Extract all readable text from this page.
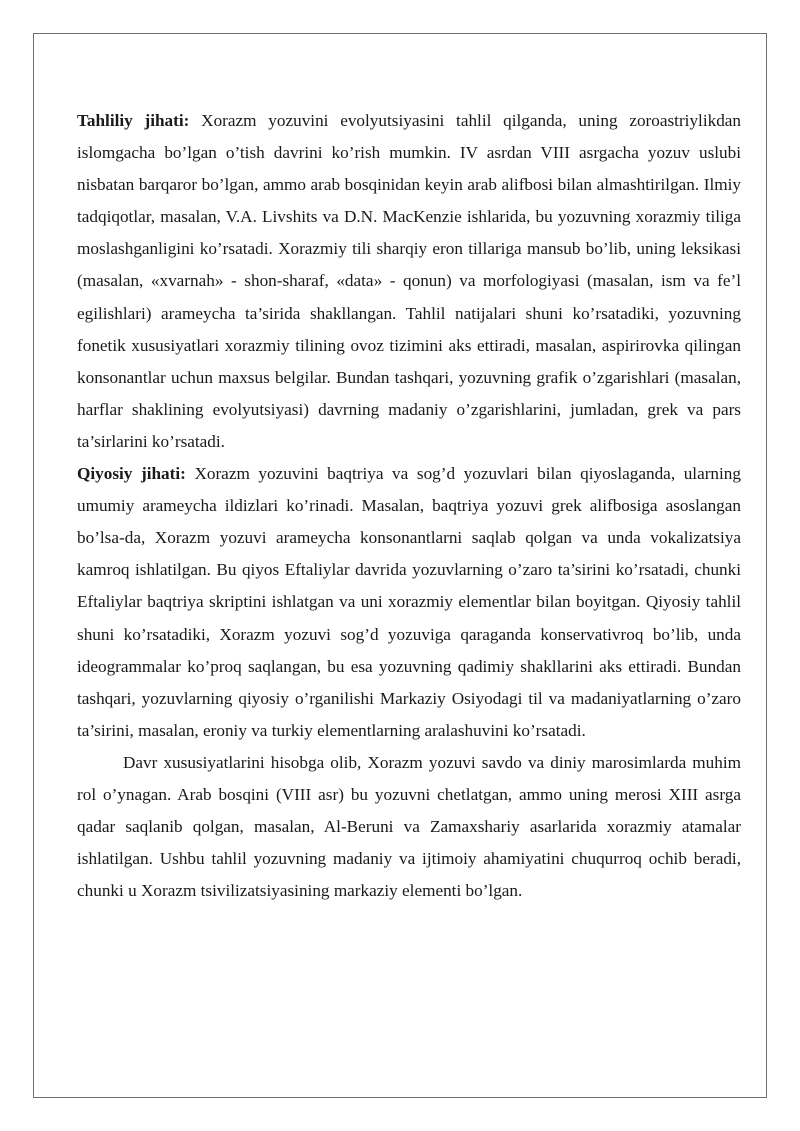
Tahliliy jihati: Xorazm yozuvini evolyutsiyasini tahlil qilganda, uning zoroastriylikdan islomgacha bo’lgan o’tish davrini ko’rish mumkin. IV asrdan VIII asrgacha yozuv uslubi nisbatan barqaror bo’lgan, ammo arab bosqinidan keyin arab alifbosi bilan almashtirilgan. Ilmiy tadqiqotlar, masalan, V.A. Livshits va D.N. MacKenzie ishlarida, bu yozuvning xorazmiy tiliga moslashganligini ko’rsatadi. Xorazmiy tili sharqiy eron tillariga mansub bo’lib, uning leksikasi (masalan, «xvarnah» - shon-sharaf, «data» - qonun) va morfologiyasi (masalan, ism va fe’l egilishlari) arameycha ta’sirida shakllangan. Tahlil natijalari shuni ko’rsatadiki, yozuvning fonetik xususiyatlari xorazmiy tilining ovoz tizimini aks ettiradi, masalan, aspirirovka qilingan konsonantlar uchun maxsus belgilar. Bundan tashqari, yozuvning grafik o’zgarishlari (masalan, harflar shaklining evolyutsiyasi) davrning madaniy o’zgarishlarini, jumladan, grek va pars ta’sirlarini ko’rsatadi.

Qiyosiy jihati: Xorazm yozuvini baqtriya va sog’d yozuvlari bilan qiyoslaganda, ularning umumiy arameycha ildizlari ko’rinadi. Masalan, baqtriya yozuvi grek alifbosiga asoslangan bo’lsa-da, Xorazm yozuvi arameycha konsonantlarni saqlab qolgan va unda vokalizatsiya kamroq ishlatilgan. Bu qiyos Eftaliylar davrida yozuvlarning o’zaro ta’sirini ko’rsatadi, chunki Eftaliylar baqtriya skriptini ishlatgan va uni xorazmiy elementlar bilan boyitgan. Qiyosiy tahlil shuni ko’rsatadiki, Xorazm yozuvi sog’d yozuviga qaraganda konservativroq bo’lib, unda ideogrammalar ko’proq saqlangan, bu esa yozuvning qadimiy shakllarini aks ettiradi. Bundan tashqari, yozuvlarning qiyosiy o’rganilishi Markaziy Osiyodagi til va madaniyatlarning o’zaro ta’sirini, masalan, eroniy va turkiy elementlarning aralashuvini ko’rsatadi.

Davr xususiyatlarini hisobga olib, Xorazm yozuvi savdo va diniy marosimlarda muhim rol o’ynagan. Arab bosqini (VIII asr) bu yozuvni chetlatgan, ammo uning merosi XIII asrga qadar saqlanib qolgan, masalan, Al-Beruni va Zamaxshariy asarlarida xorazmiy atamalar ishlatilgan. Ushbu tahlil yozuvning madaniy va ijtimoiy ahamiyatini chuqurroq ochib beradi, chunki u Xorazm tsivilizatsiyasining markaziy elementi bo’lgan.
